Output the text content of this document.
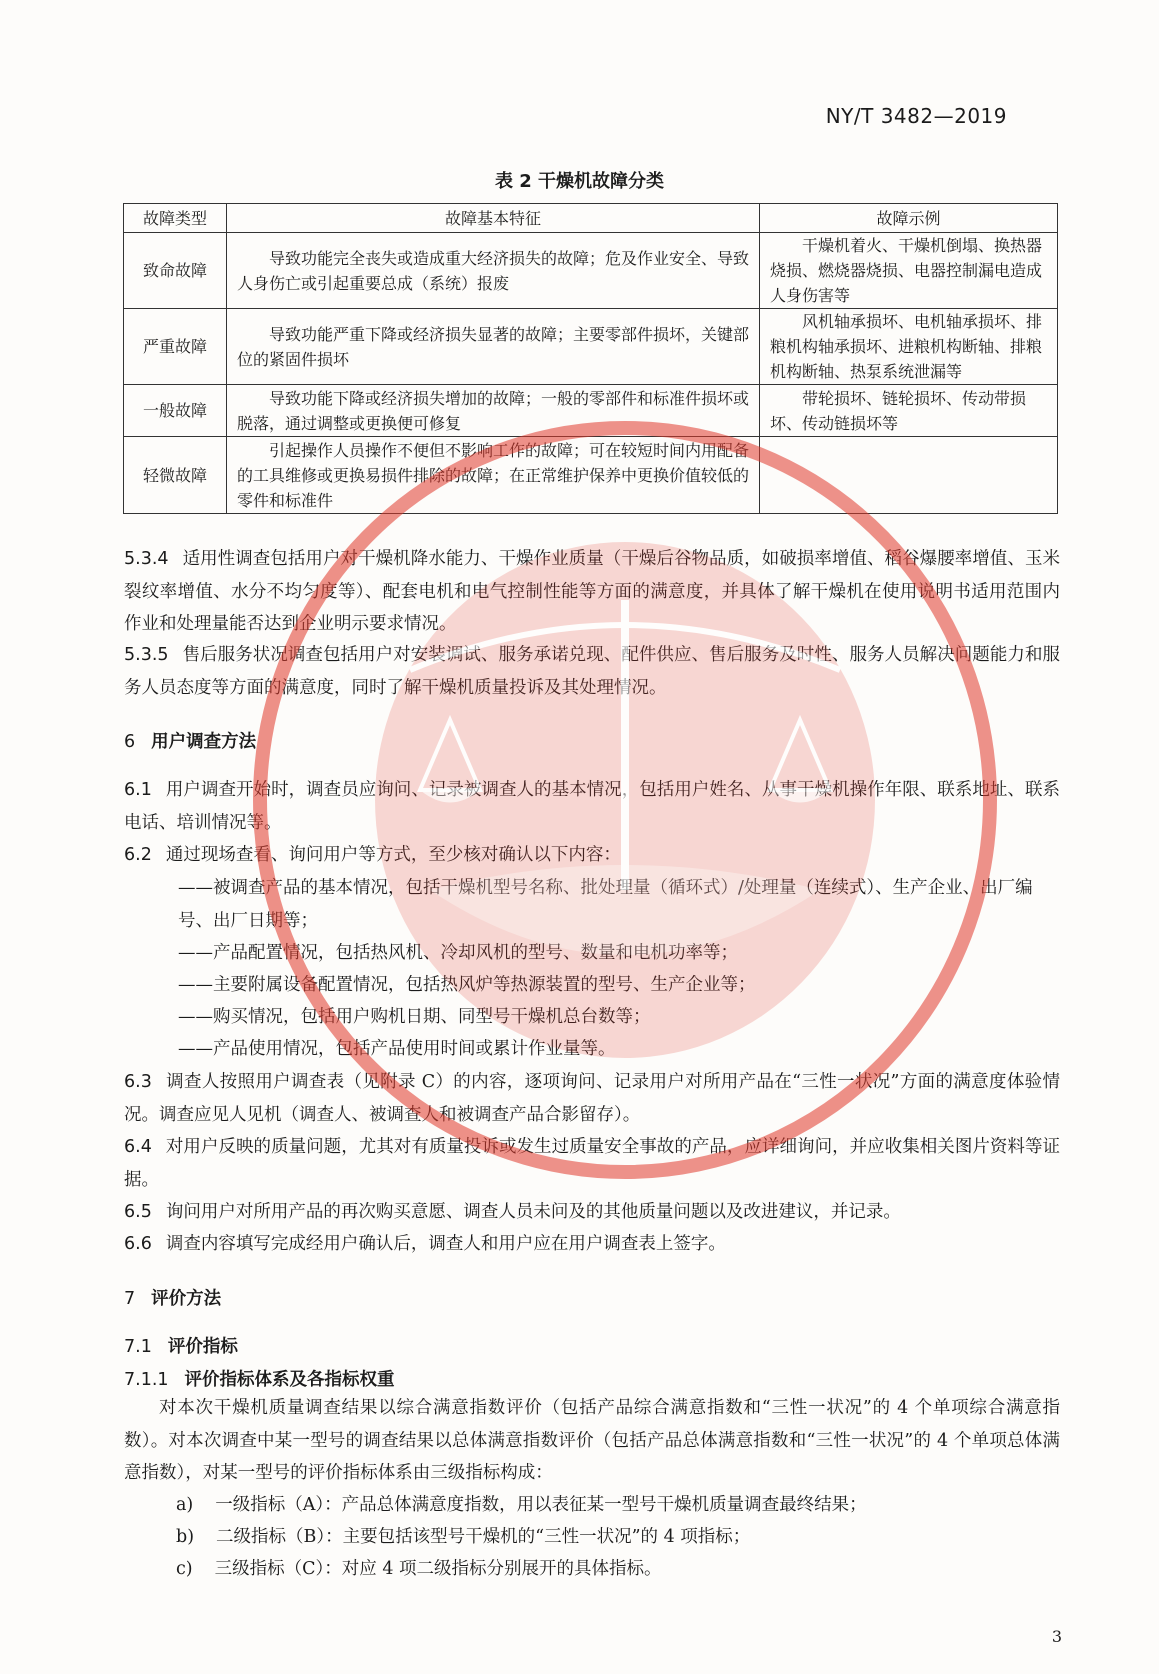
NY/T 3482—2019
表 2 干燥机故障分类
故障类型	故障基本特征	故障示例
致命故障	导致功能完全丧失或造成重大经济损失的故障；危及作业安全、导致人身伤亡或引起重要总成（系统）报废	干燥机着火、干燥机倒塌、换热器烧损、燃烧器烧损、电器控制漏电造成人身伤害等
严重故障	导致功能严重下降或经济损失显著的故障；主要零部件损坏，关键部位的紧固件损坏	风机轴承损坏、电机轴承损坏、排粮机构轴承损坏、进粮机构断轴、排粮机构断轴、热泵系统泄漏等
一般故障	导致功能下降或经济损失增加的故障；一般的零部件和标准件损坏或脱落，通过调整或更换便可修复	带轮损坏、链轮损坏、传动带损坏、传动链损坏等
轻微故障	引起操作人员操作不便但不影响工作的故障；可在较短时间内用配备的工具维修或更换易损件排除的故障；在正常维护保养中更换价值较低的零件和标准件	
5.3.4 适用性调查包括用户对干燥机降水能力、干燥作业质量（干燥后谷物品质，如破损率增值、稻谷爆腰率增值、玉米裂纹率增值、水分不均匀度等）、配套电机和电气控制性能等方面的满意度，并具体了解干燥机在使用说明书适用范围内作业和处理量能否达到企业明示要求情况。
5.3.5 售后服务状况调查包括用户对安装调试、服务承诺兑现、配件供应、售后服务及时性、服务人员解决问题能力和服务人员态度等方面的满意度，同时了解干燥机质量投诉及其处理情况。
6 用户调查方法
6.1 用户调查开始时，调查员应询问、记录被调查人的基本情况，包括用户姓名、从事干燥机操作年限、联系地址、联系电话、培训情况等。
6.2 通过现场查看、询问用户等方式，至少核对确认以下内容：
——被调查产品的基本情况，包括干燥机型号名称、批处理量（循环式）/处理量（连续式）、生产企业、出厂编号、出厂日期等；
——产品配置情况，包括热风机、冷却风机的型号、数量和电机功率等；
——主要附属设备配置情况，包括热风炉等热源装置的型号、生产企业等；
——购买情况，包括用户购机日期、同型号干燥机总台数等；
——产品使用情况，包括产品使用时间或累计作业量等。
6.3 调查人按照用户调查表（见附录 C）的内容，逐项询问、记录用户对所用产品在“三性一状况”方面的满意度体验情况。调查应见人见机（调查人、被调查人和被调查产品合影留存）。
6.4 对用户反映的质量问题，尤其对有质量投诉或发生过质量安全事故的产品，应详细询问，并应收集相关图片资料等证据。
6.5 询问用户对所用产品的再次购买意愿、调查人员未问及的其他质量问题以及改进建议，并记录。
6.6 调查内容填写完成经用户确认后，调查人和用户应在用户调查表上签字。
7 评价方法
7.1 评价指标
7.1.1 评价指标体系及各指标权重
对本次干燥机质量调查结果以综合满意指数评价（包括产品综合满意指数和“三性一状况”的 4 个单项综合满意指数）。对本次调查中某一型号的调查结果以总体满意指数评价（包括产品总体满意指数和“三性一状况”的 4 个单项总体满意指数），对某一型号的评价指标体系由三级指标构成：
a) 一级指标（A）：产品总体满意度指数，用以表征某一型号干燥机质量调查最终结果；
b) 二级指标（B）：主要包括该型号干燥机的“三性一状况”的 4 项指标；
c) 三级指标（C）：对应 4 项二级指标分别展开的具体指标。
3
